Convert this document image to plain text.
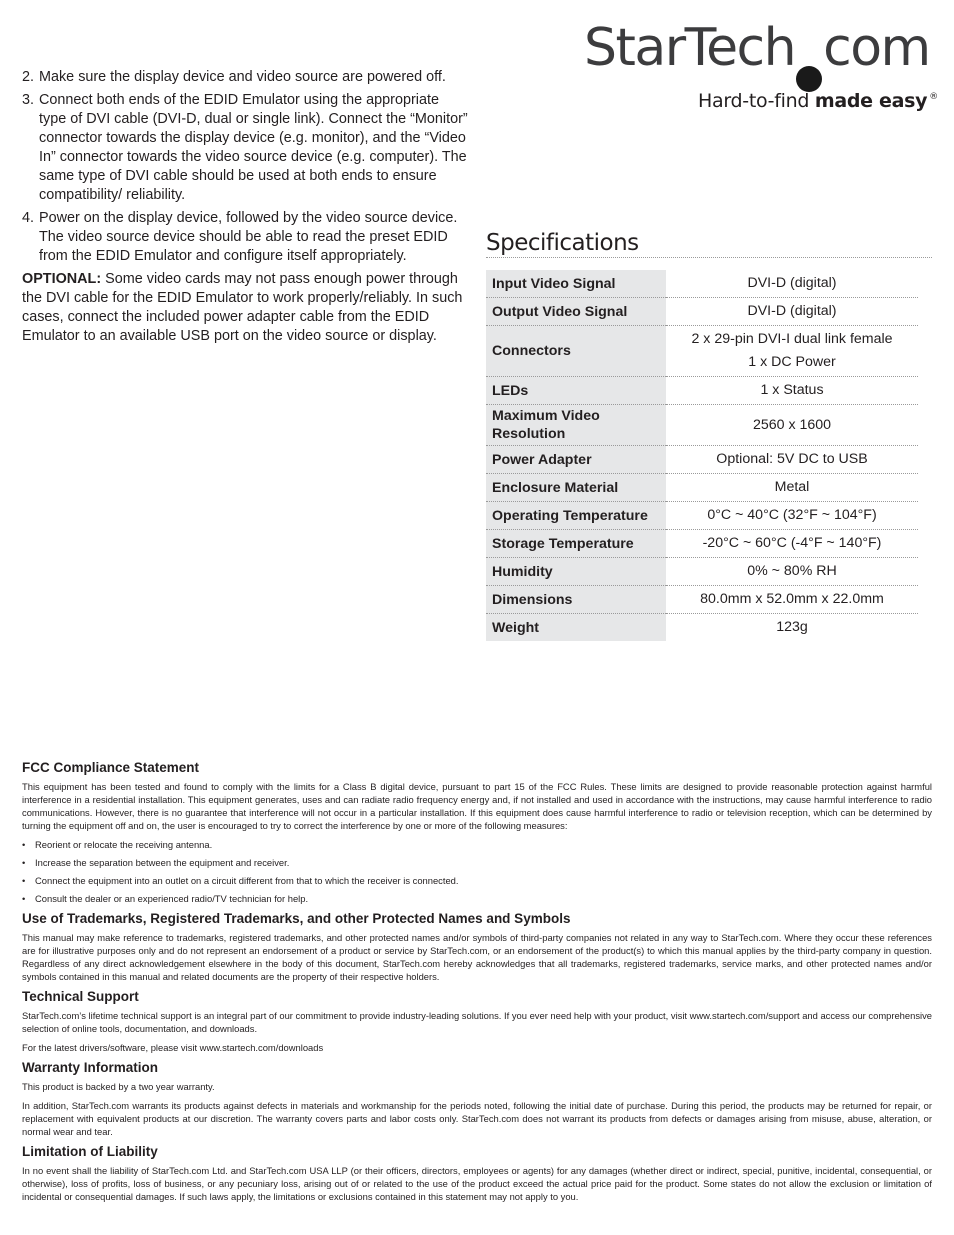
StarTech com
Hard-to-find made easy ®
2. Make sure the display device and video source are powered off.
3. Connect both ends of the EDID Emulator using the appropriate type of DVI cable (DVI-D, dual or single link). Connect the “Monitor” connector towards the display device (e.g. monitor), and the “Video In” connector towards the video source device (e.g. computer). The same type of DVI cable should be used at both ends to ensure compatibility/ reliability.
4. Power on the display device, followed by the video source device. The video source device should be able to read the preset EDID from the EDID Emulator and configure itself appropriately.

OPTIONAL: Some video cards may not pass enough power through the DVI cable for the EDID Emulator to work properly/reliably. In such cases, connect the included power adapter cable from the EDID Emulator to an available USB port on the video source or display.

Specifications
Input Video Signal	DVI-D (digital)

Output Video Signal	DVI-D (digital)

Connectors	2 x 29-pin DVI-I dual link female
1 x DC Power

LEDs	1 x Status

Maximum Video Resolution	2560 x 1600

Power Adapter	Optional: 5V DC to USB

Enclosure Material	Metal

Operating Temperature	0°C ~ 40°C (32°F ~ 104°F)

Storage Temperature	-20°C ~ 60°C (-4°F ~ 140°F)

Humidity	0% ~ 80% RH

Dimensions	80.0mm x 52.0mm x 22.0mm

Weight	123g
FCC Compliance Statement

This equipment has been tested and found to comply with the limits for a Class B digital device, pursuant to part 15 of the FCC Rules. These limits are designed to provide reasonable protection against harmful interference in a residential installation. This equipment generates, uses and can radiate radio frequency energy and, if not installed and used in accordance with the instructions, may cause harmful interference to radio communications. However, there is no guarantee that interference will not occur in a particular installation. If this equipment does cause harmful interference to radio or television reception, which can be determined by turning the equipment off and on, the user is encouraged to try to correct the interference by one or more of the following measures:

• Reorient or relocate the receiving antenna.
• Increase the separation between the equipment and receiver.
• Connect the equipment into an outlet on a circuit different from that to which the receiver is connected.
• Consult the dealer or an experienced radio/TV technician for help.
Use of Trademarks, Registered Trademarks, and other Protected Names and Symbols

This manual may make reference to trademarks, registered trademarks, and other protected names and/or symbols of third-party companies not related in any way to StarTech.com. Where they occur these references are for illustrative purposes only and do not represent an endorsement of a product or service by StarTech.com, or an endorsement of the product(s) to which this manual applies by the third-party company in question. Regardless of any direct acknowledgement elsewhere in the body of this document, StarTech.com hereby acknowledges that all trademarks, registered trademarks, service marks, and other protected names and/or symbols contained in this manual and related documents are the property of their respective holders.

Technical Support

StarTech.com’s lifetime technical support is an integral part of our commitment to provide industry-leading solutions. If you ever need help with your product, visit www.startech.com/support and access our comprehensive selection of online tools, documentation, and downloads.

For the latest drivers/software, please visit www.startech.com/downloads

Warranty Information

This product is backed by a two year warranty.

In addition, StarTech.com warrants its products against defects in materials and workmanship for the periods noted, following the initial date of purchase. During this period, the products may be returned for repair, or replacement with equivalent products at our discretion. The warranty covers parts and labor costs only. StarTech.com does not warrant its products from defects or damages arising from misuse, abuse, alteration, or normal wear and tear.

Limitation of Liability

In no event shall the liability of StarTech.com Ltd. and StarTech.com USA LLP (or their officers, directors, employees or agents) for any damages (whether direct or indirect, special, punitive, incidental, consequential, or otherwise), loss of profits, loss of business, or any pecuniary loss, arising out of or related to the use of the product exceed the actual price paid for the product. Some states do not allow the exclusion or limitation of incidental or consequential damages. If such laws apply, the limitations or exclusions contained in this statement may not apply to you.
